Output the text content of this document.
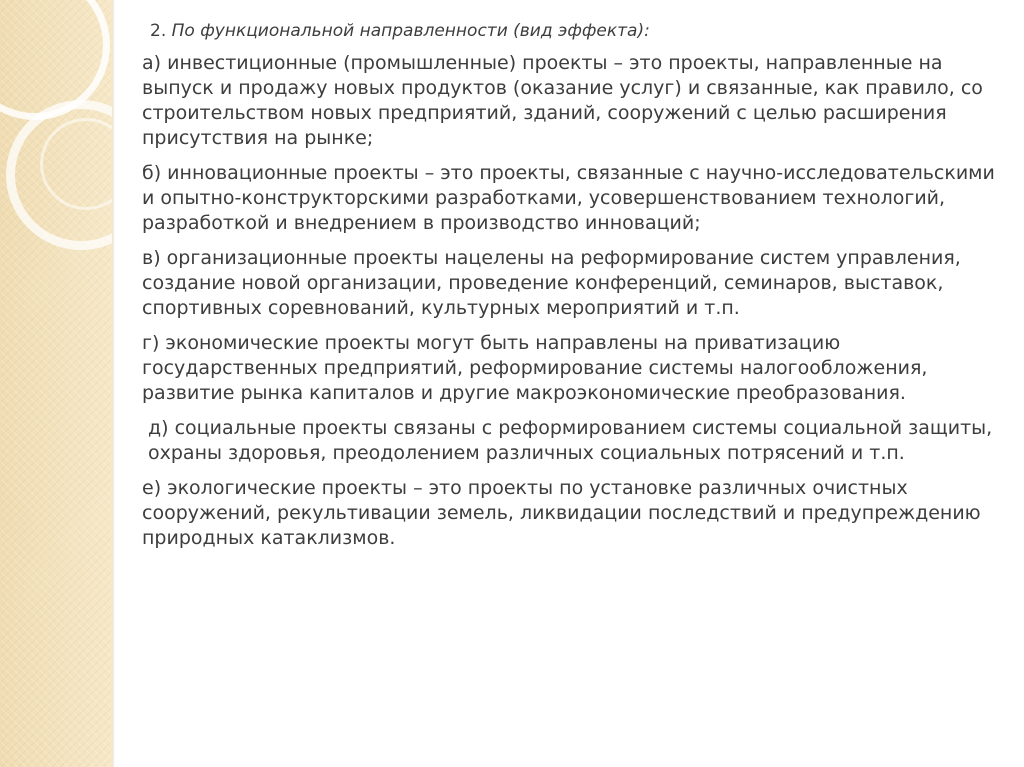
2. По функциональной направленности (вид эффекта):

а) инвестиционные (промышленные) проекты – это проекты, направленные на выпуск и продажу новых продуктов (оказание услуг) и связанные, как правило, со строительством новых предприятий, зданий, сооружений с целью расширения присутствия на рынке;

б) инновационные проекты – это проекты, связанные с научно-исследовательскими и опытно-конструкторскими разработками, усовершенствованием технологий, разработкой и внедрением в производство инноваций;

в) организационные проекты нацелены на реформирование систем управления, создание новой организации, проведение конференций, семинаров, выставок, спортивных соревнований, культурных мероприятий и т.п.

г) экономические проекты могут быть направлены на приватизацию государственных предприятий, реформирование системы налогообложения, развитие рынка капиталов и другие макроэкономические преобразования.

д) социальные проекты связаны с реформированием системы социальной защиты, охраны здоровья, преодолением различных социальных потрясений и т.п.

е) экологические проекты – это проекты по установке различных очистных сооружений, рекультивации земель, ликвидации последствий и предупреждению природных катаклизмов.
